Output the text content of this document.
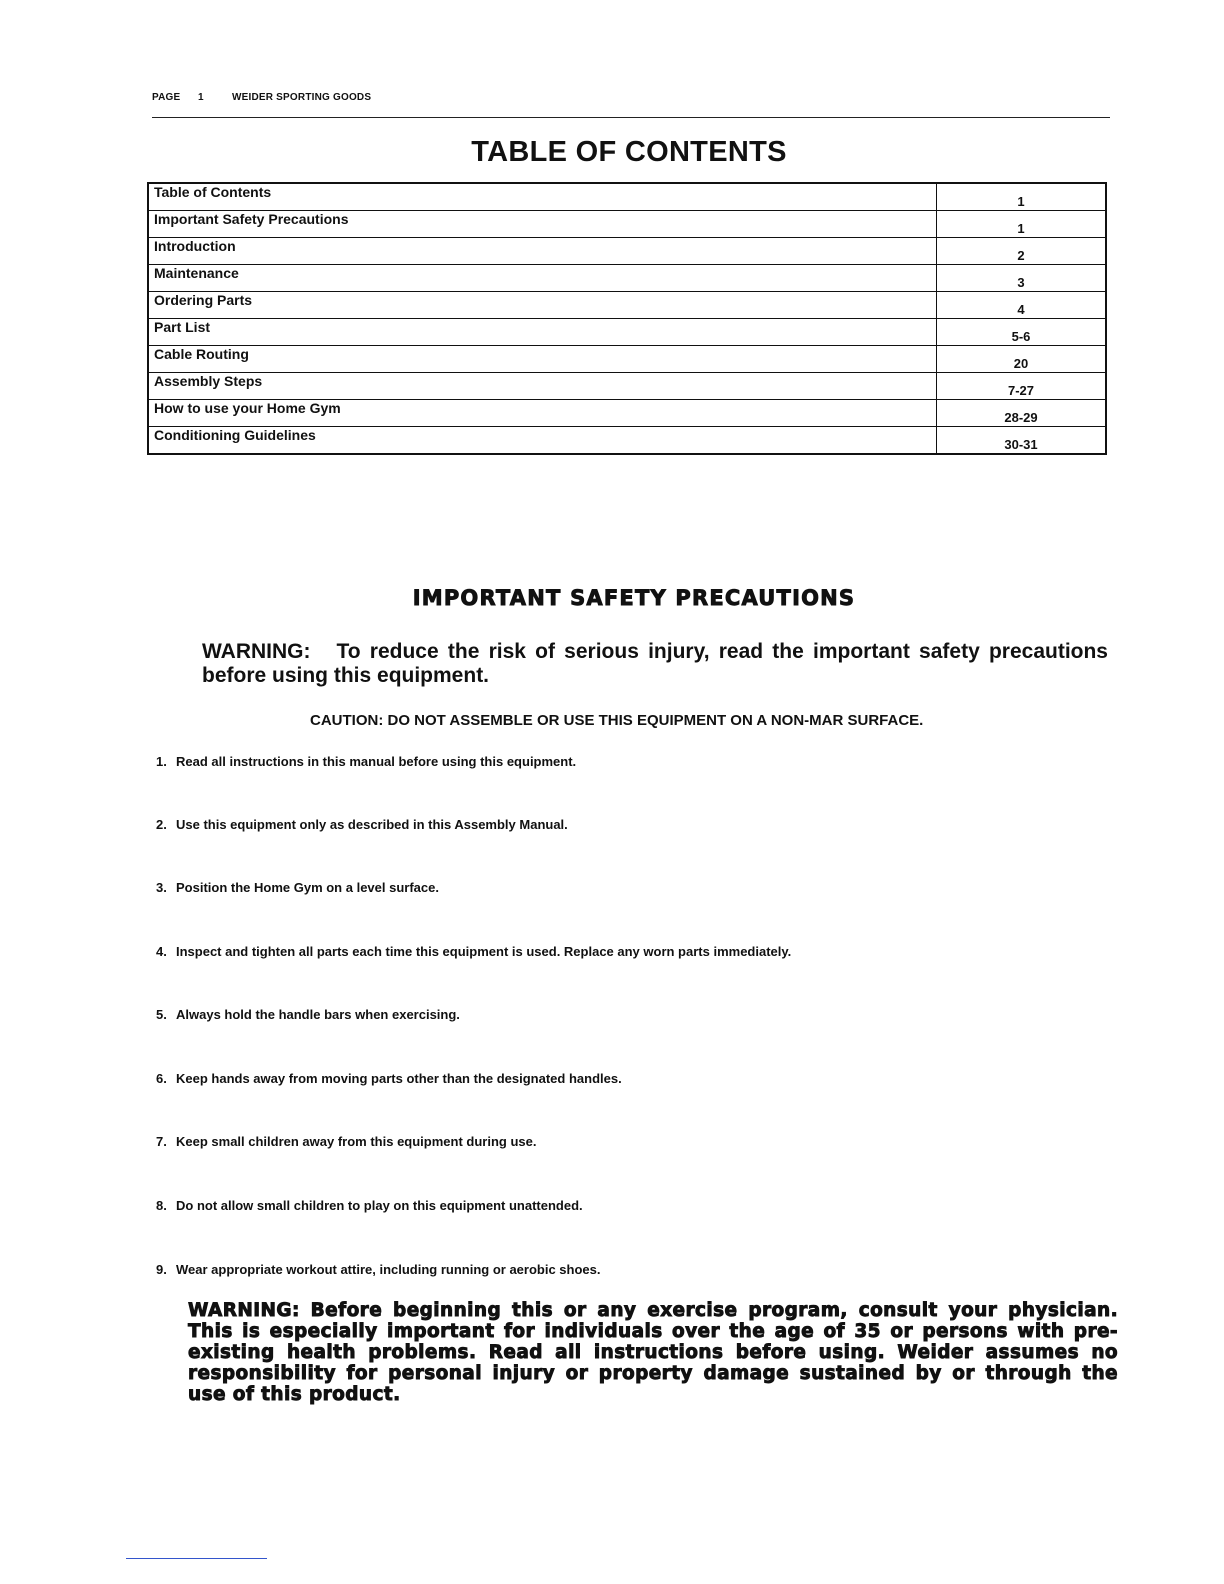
PAGE 1	WEIDER SPORTING GOODS
TABLE OF CONTENTS
Table of Contents	1
Important Safety Precautions	1
Introduction	2
Maintenance	3
Ordering Parts	4
Part List	5-6
Cable Routing	20
Assembly Steps	7-27
How to use your Home Gym	28-29
Conditioning Guidelines	30-31
IMPORTANT SAFETY PRECAUTIONS
WARNING: To reduce the risk of serious injury, read the important safety precautions before using this equipment.
CAUTION: DO NOT ASSEMBLE OR USE THIS EQUIPMENT ON A NON-MAR SURFACE.
1. Read all instructions in this manual before using this equipment.
2. Use this equipment only as described in this Assembly Manual.
3. Position the Home Gym on a level surface.
4. Inspect and tighten all parts each time this equipment is used. Replace any worn parts immediately.
5. Always hold the handle bars when exercising.
6. Keep hands away from moving parts other than the designated handles.
7. Keep small children away from this equipment during use.
8. Do not allow small children to play on this equipment unattended.
9. Wear appropriate workout attire, including running or aerobic shoes.
WARNING: Before beginning this or any exercise program, consult your physician. This is especially important for individuals over the age of 35 or persons with pre-existing health problems. Read all instructions before using. Weider assumes no responsibility for personal injury or property damage sustained by or through the use of this product.
